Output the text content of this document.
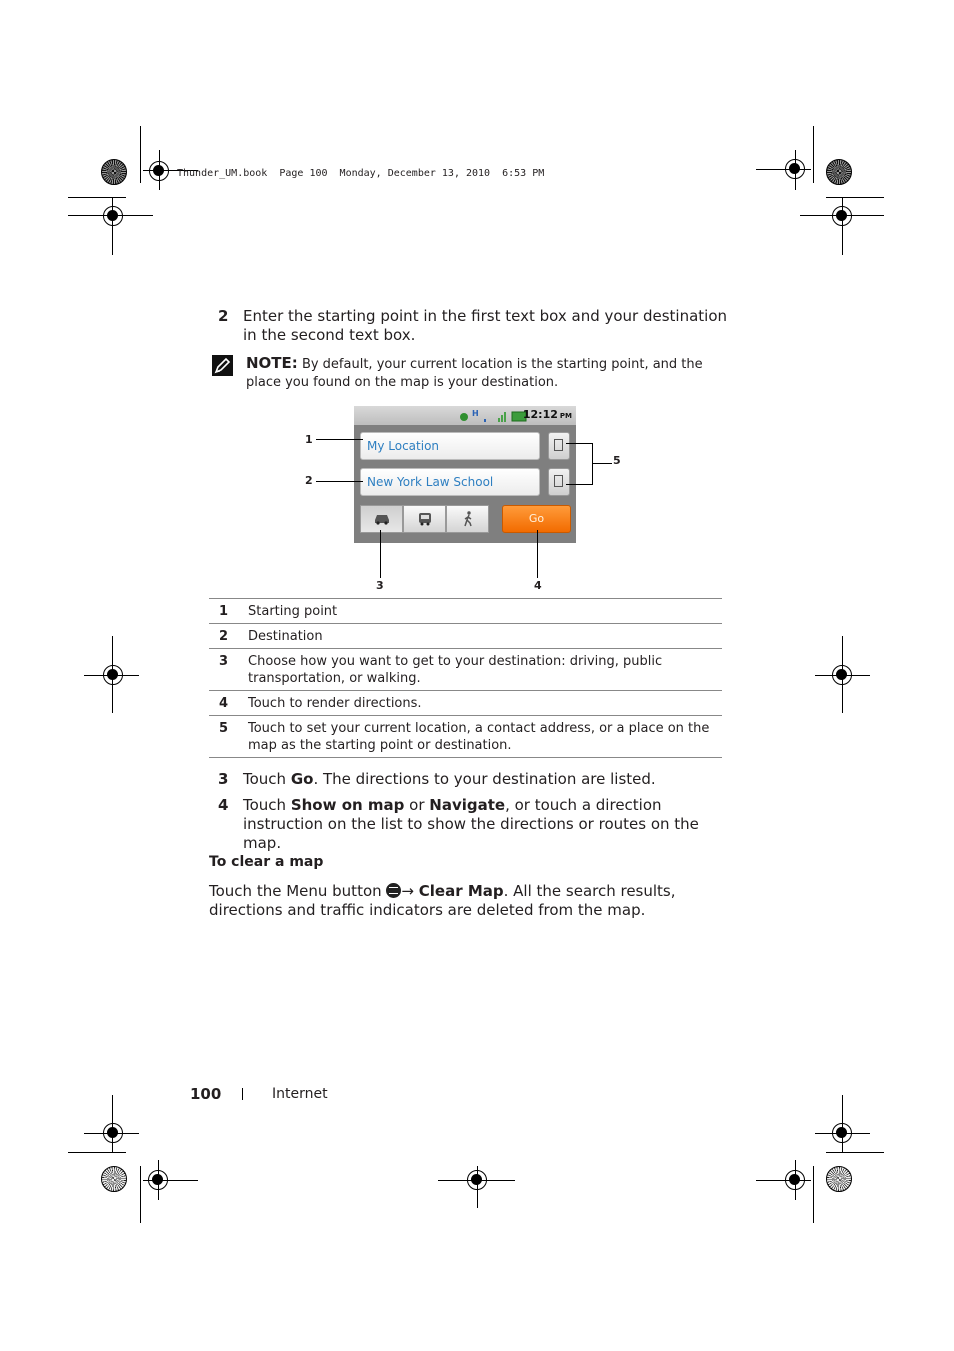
Thunder_UM.book  Page 100  Monday, December 13, 2010  6:53 PM
2 Enter the starting point in the first text box and your destination in the second text box.
NOTE: By default, your current location is the starting point, and the place you found on the map is your destination.
H	12:12 PM
My Location
New York Law School
Go
1
2
3	4
5
1	Starting point
2	Destination
3	Choose how you want to get to your destination: driving, public transportation, or walking.
4	Touch to render directions.
5	Touch to set your current location, a contact address, or a place on the map as the starting point or destination.
3 Touch Go. The directions to your destination are listed.
4 Touch Show on map or Navigate, or touch a direction instruction on the list to show the directions or routes on the map.
To clear a map
Touch the Menu button → Clear Map. All the search results, directions and traffic indicators are deleted from the map.
100	Internet
